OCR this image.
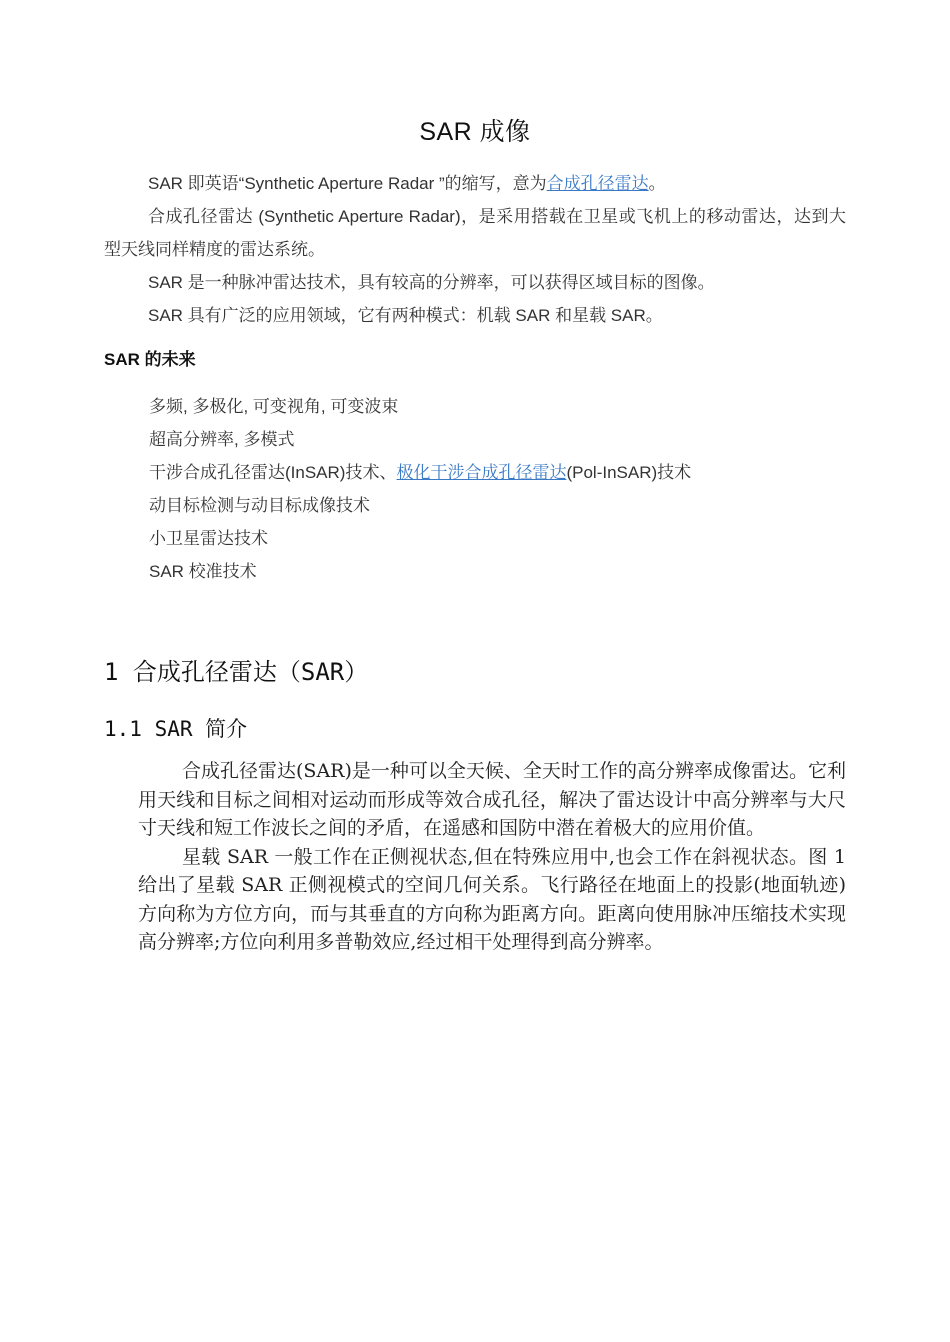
SAR 成像

SAR 即英语“Synthetic Aperture Radar ”的缩写，意为合成孔径雷达。

合成孔径雷达 (Synthetic Aperture Radar)，是采用搭载在卫星或飞机上的移动雷达，达到大型天线同样精度的雷达系统。

SAR 是一种脉冲雷达技术，具有较高的分辨率，可以获得区域目标的图像。

SAR 具有广泛的应用领域，它有两种模式：机载 SAR 和星载 SAR。

SAR 的未来
多频, 多极化, 可变视角, 可变波束
超高分辨率, 多模式
干涉合成孔径雷达(InSAR)技术、极化干涉合成孔径雷达(Pol-InSAR)技术
动目标检测与动目标成像技术
小卫星雷达技术
SAR 校准技术
1 合成孔径雷达（SAR）
1.1 SAR 简介

合成孔径雷达(SAR)是一种可以全天候、全天时工作的高分辨率成像雷达。它利用天线和目标之间相对运动而形成等效合成孔径，解决了雷达设计中高分辨率与大尺寸天线和短工作波长之间的矛盾，在遥感和国防中潜在着极大的应用价值。

星载 SAR 一般工作在正侧视状态,但在特殊应用中,也会工作在斜视状态。图 1 给出了星载 SAR 正侧视模式的空间几何关系。飞行路径在地面上的投影(地面轨迹)方向称为方位方向，而与其垂直的方向称为距离方向。距离向使用脉冲压缩技术实现高分辨率;方位向利用多普勒效应,经过相干处理得到高分辨率。
